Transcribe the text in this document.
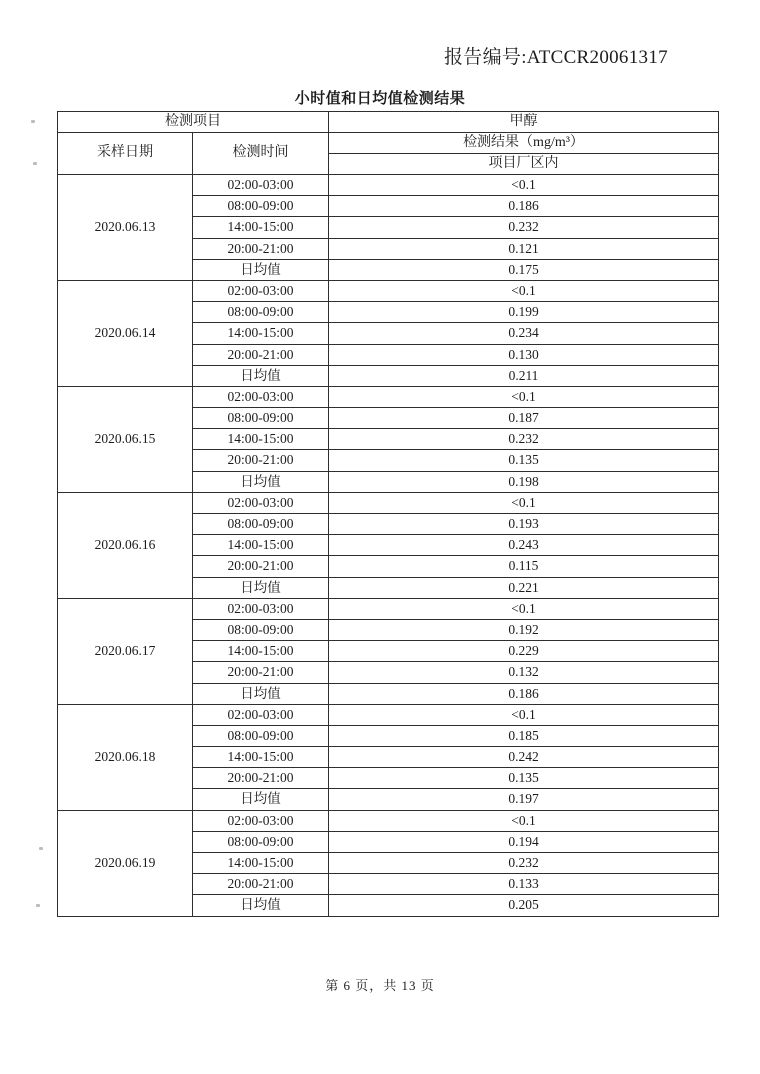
报告编号:ATCCR20061317
小时值和日均值检测结果
检测项目		甲醇
采样日期	检测时间	检测结果（mg/m³）
		项目厂区内
2020.06.13	02:00-03:00	<0.1
	08:00-09:00	0.186
	14:00-15:00	0.232
	20:00-21:00	0.121
	日均值	0.175
2020.06.14	02:00-03:00	<0.1
	08:00-09:00	0.199
	14:00-15:00	0.234
	20:00-21:00	0.130
	日均值	0.211
2020.06.15	02:00-03:00	<0.1
	08:00-09:00	0.187
	14:00-15:00	0.232
	20:00-21:00	0.135
	日均值	0.198
2020.06.16	02:00-03:00	<0.1
	08:00-09:00	0.193
	14:00-15:00	0.243
	20:00-21:00	0.115
	日均值	0.221
2020.06.17	02:00-03:00	<0.1
	08:00-09:00	0.192
	14:00-15:00	0.229
	20:00-21:00	0.132
	日均值	0.186
2020.06.18	02:00-03:00	<0.1
	08:00-09:00	0.185
	14:00-15:00	0.242
	20:00-21:00	0.135
	日均值	0.197
2020.06.19	02:00-03:00	<0.1
	08:00-09:00	0.194
	14:00-15:00	0.232
	20:00-21:00	0.133
	日均值	0.205
第 6 页，共 13 页
